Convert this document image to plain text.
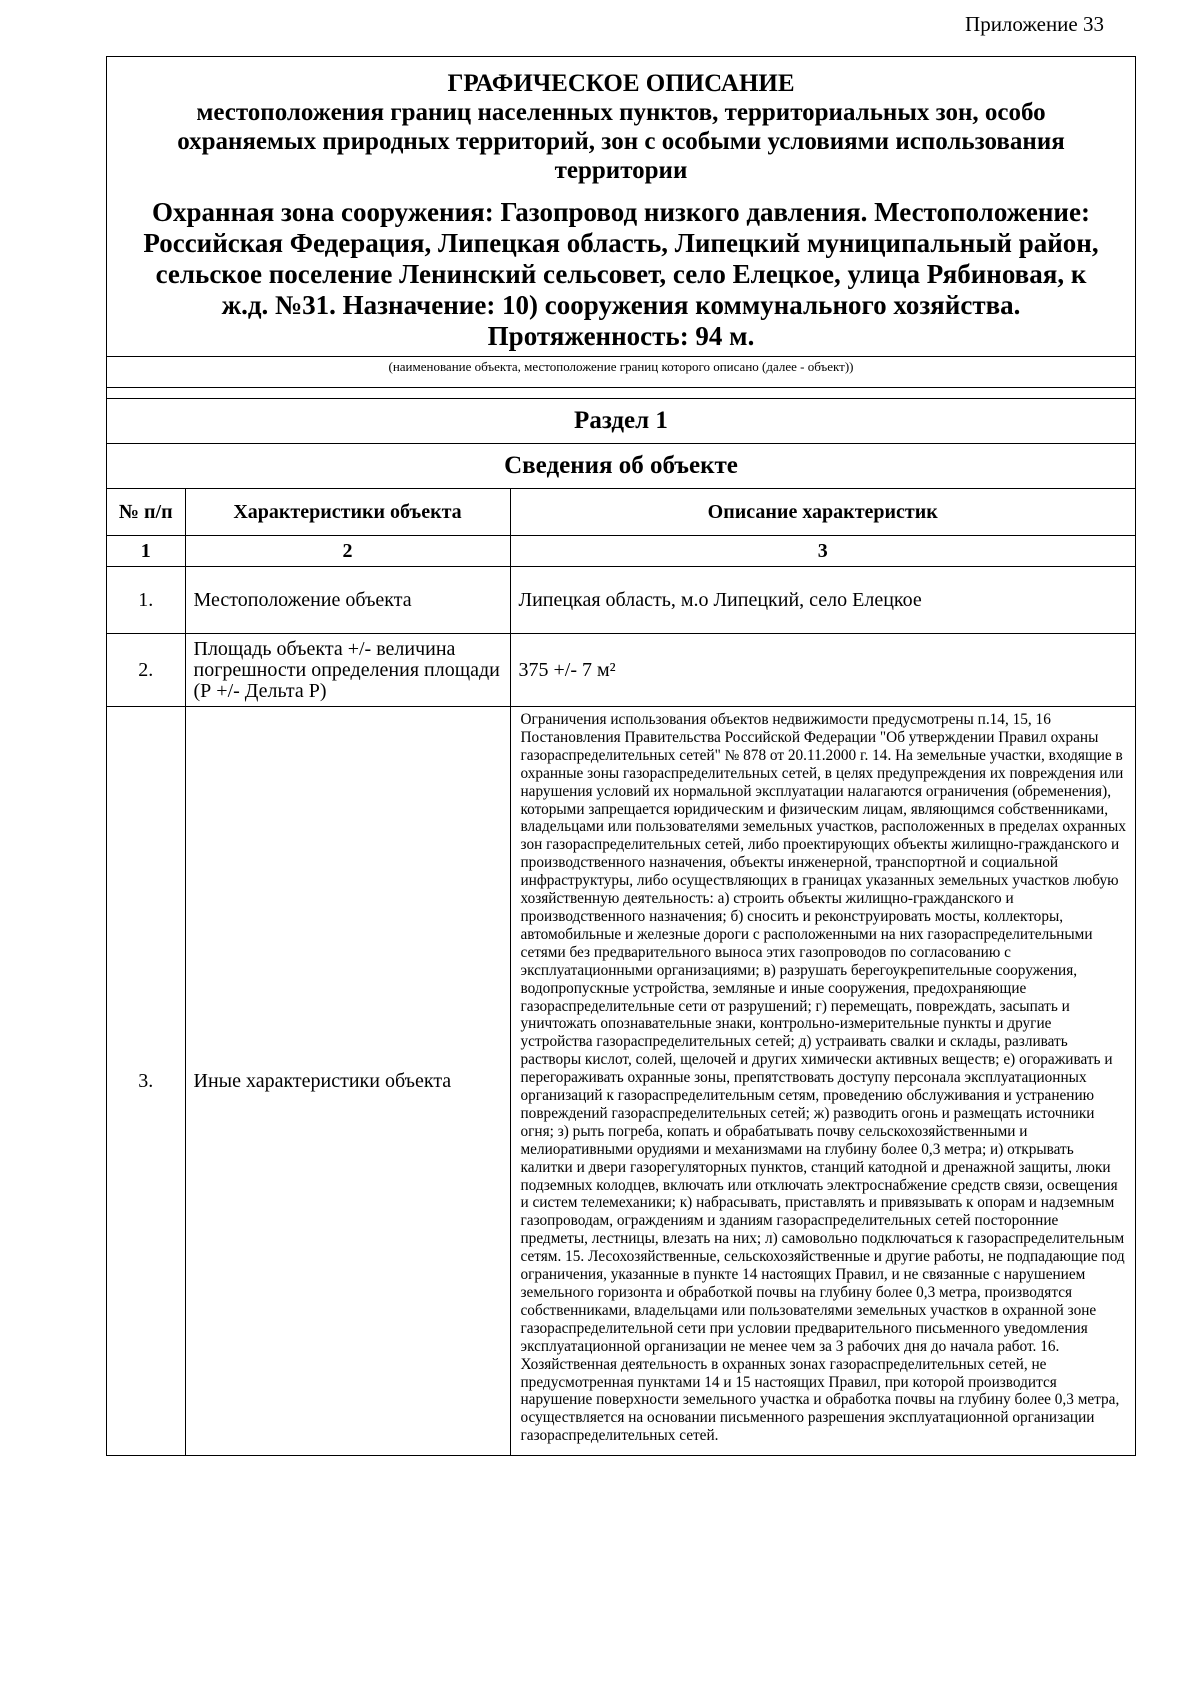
Приложение 33
ГРАФИЧЕСКОЕ ОПИСАНИЕ
местоположения границ населенных пунктов, территориальных зон, особо
охраняемых природных территорий, зон с особыми условиями использования
территории
Охранная зона сооружения: Газопровод низкого давления. Местоположение:
Российская Федерация, Липецкая область, Липецкий муниципальный район,
сельское поселение Ленинский сельсовет, село Елецкое, улица Рябиновая, к
ж.д. №31. Назначение: 10) сооружения коммунального хозяйства.
Протяженность: 94 м.
(наименование объекта, местоположение границ которого описано (далее - объект))
Раздел 1
Сведения об объекте
№ п/п	Характеристики объекта	Описание характеристик
1	2	3
1.	Местоположение объекта	Липецкая область, м.о Липецкий, село Елецкое
2.	Площадь объекта +/- величина погрешности определения площади (Р +/- Дельта Р)	375 +/- 7 м²
3.	Иные характеристики объекта	Ограничения использования объектов недвижимости предусмотрены п.14, 15, 16 Постановления Правительства Российской Федерации "Об утверждении Правил охраны газораспределительных сетей" № 878 от 20.11.2000 г. 14. На земельные участки, входящие в охранные зоны газораспределительных сетей, в целях предупреждения их повреждения или нарушения условий их нормальной эксплуатации налагаются ограничения (обременения), которыми запрещается юридическим и физическим лицам, являющимся собственниками, владельцами или пользователями земельных участков, расположенных в пределах охранных зон газораспределительных сетей, либо проектирующих объекты жилищно-гражданского и производственного назначения, объекты инженерной, транспортной и социальной инфраструктуры, либо осуществляющих в границах указанных земельных участков любую хозяйственную деятельность: а) строить объекты жилищно-гражданского и производственного назначения; б) сносить и реконструировать мосты, коллекторы, автомобильные и железные дороги с расположенными на них газораспределительными сетями без предварительного выноса этих газопроводов по согласованию с эксплуатационными организациями; в) разрушать берегоукрепительные сооружения, водопропускные устройства, земляные и иные сооружения, предохраняющие газораспределительные сети от разрушений; г) перемещать, повреждать, засыпать и уничтожать опознавательные знаки, контрольно-измерительные пункты и другие устройства газораспределительных сетей; д) устраивать свалки и склады, разливать растворы кислот, солей, щелочей и других химически активных веществ; е) огораживать и перегораживать охранные зоны, препятствовать доступу персонала эксплуатационных организаций к газораспределительным сетям, проведению обслуживания и устранению повреждений газораспределительных сетей; ж) разводить огонь и размещать источники огня; з) рыть погреба, копать и обрабатывать почву сельскохозяйственными и мелиоративными орудиями и механизмами на глубину более 0,3 метра; и) открывать калитки и двери газорегуляторных пунктов, станций катодной и дренажной защиты, люки подземных колодцев, включать или отключать электроснабжение средств связи, освещения и систем телемеханики; к) набрасывать, приставлять и привязывать к опорам и надземным газопроводам, ограждениям и зданиям газораспределительных сетей посторонние предметы, лестницы, влезать на них; л) самовольно подключаться к газораспределительным сетям. 15. Лесохозяйственные, сельскохозяйственные и другие работы, не подпадающие под ограничения, указанные в пункте 14 настоящих Правил, и не связанные с нарушением земельного горизонта и обработкой почвы на глубину более 0,3 метра, производятся собственниками, владельцами или пользователями земельных участков в охранной зоне газораспределительной сети при условии предварительного письменного уведомления эксплуатационной организации не менее чем за 3 рабочих дня до начала работ. 16. Хозяйственная деятельность в охранных зонах газораспределительных сетей, не предусмотренная пунктами 14 и 15 настоящих Правил, при которой производится нарушение поверхности земельного участка и обработка почвы на глубину более 0,3 метра, осуществляется на основании письменного разрешения эксплуатационной организации газораспределительных сетей.
